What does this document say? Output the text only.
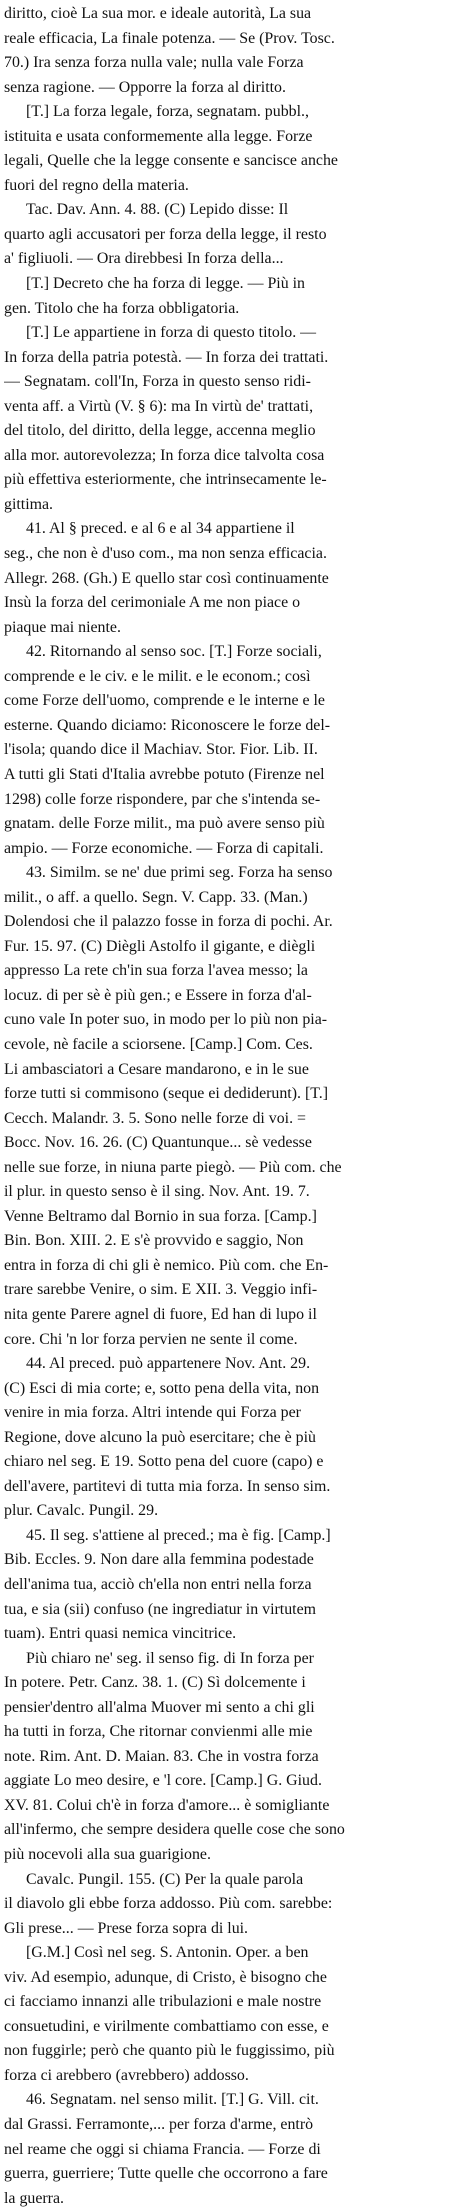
diritto, cioè La sua mor. e ideale autorità, La sua
reale efficacia, La finale potenza. — Se (Prov. Tosc.
70.) Ira senza forza nulla vale; nulla vale Forza
senza ragione. — Opporre la forza al diritto.
[T.] La forza legale, forza, segnatam. pubbl.,
istituita e usata conformemente alla legge. Forze
legali, Quelle che la legge consente e sancisce anche
fuori del regno della materia.
Tac. Dav. Ann. 4. 88. (C) Lepido disse: Il
quarto agli accusatori per forza della legge, il resto
a' figliuoli. — Ora direbbesi In forza della...
[T.] Decreto che ha forza di legge. — Più in
gen. Titolo che ha forza obbligatoria.
[T.] Le appartiene in forza di questo titolo. —
In forza della patria potestà. — In forza dei trattati.
— Segnatam. coll'In, Forza in questo senso ridi-
venta aff. a Virtù (V. § 6): ma In virtù de' trattati,
del titolo, del diritto, della legge, accenna meglio
alla mor. autorevolezza; In forza dice talvolta cosa
più effettiva esteriormente, che intrinsecamente le-
gittima.
41. Al § preced. e al 6 e al 34 appartiene il
seg., che non è d'uso com., ma non senza efficacia.
Allegr. 268. (Gh.) E quello star così continuamente
Insù la forza del cerimoniale A me non piace o
piaque mai niente.
42. Ritornando al senso soc. [T.] Forze sociali,
comprende e le civ. e le milit. e le econom.; così
come Forze dell'uomo, comprende e le interne e le
esterne. Quando diciamo: Riconoscere le forze del-
l'isola; quando dice il Machiav. Stor. Fior. Lib. II.
A tutti gli Stati d'Italia avrebbe potuto (Firenze nel
1298) colle forze rispondere, par che s'intenda se-
gnatam. delle Forze milit., ma può avere senso più
ampio. — Forze economiche. — Forza di capitali.
43. Similm. se ne' due primi seg. Forza ha senso
milit., o aff. a quello. Segn. V. Capp. 33. (Man.)
Dolendosi che il palazzo fosse in forza di pochi. Ar.
Fur. 15. 97. (C) Diègli Astolfo il gigante, e diègli
appresso La rete ch'in sua forza l'avea messo; la
locuz. di per sè è più gen.; e Essere in forza d'al-
cuno vale In poter suo, in modo per lo più non pia-
cevole, nè facile a sciorsene. [Camp.] Com. Ces.
Li ambasciatori a Cesare mandarono, e in le sue
forze tutti si commisono (seque ei dediderunt). [T.]
Cecch. Malandr. 3. 5. Sono nelle forze di voi. =
Bocc. Nov. 16. 26. (C) Quantunque... sè vedesse
nelle sue forze, in niuna parte piegò. — Più com. che
il plur. in questo senso è il sing. Nov. Ant. 19. 7.
Venne Beltramo dal Bornio in sua forza. [Camp.]
Bin. Bon. XIII. 2. E s'è provvido e saggio, Non
entra in forza di chi gli è nemico. Più com. che En-
trare sarebbe Venire, o sim. E XII. 3. Veggio infi-
nita gente Parere agnel di fuore, Ed han di lupo il
core. Chi 'n lor forza pervien ne sente il come.
44. Al preced. può appartenere Nov. Ant. 29.
(C) Esci di mia corte; e, sotto pena della vita, non
venire in mia forza. Altri intende qui Forza per
Regione, dove alcuno la può esercitare; che è più
chiaro nel seg. E 19. Sotto pena del cuore (capo) e
dell'avere, partitevi di tutta mia forza. In senso sim.
plur. Cavalc. Pungil. 29.
45. Il seg. s'attiene al preced.; ma è fig. [Camp.]
Bib. Eccles. 9. Non dare alla femmina podestade
dell'anima tua, acciò ch'ella non entri nella forza
tua, e sia (sii) confuso (ne ingrediatur in virtutem
tuam). Entri quasi nemica vincitrice.
Più chiaro ne' seg. il senso fig. di In forza per
In potere. Petr. Canz. 38. 1. (C) Sì dolcemente i
pensier'dentro all'alma Muover mi sento a chi gli
ha tutti in forza, Che ritornar convienmi alle mie
note. Rim. Ant. D. Maian. 83. Che in vostra forza
aggiate Lo meo desire, e 'l core. [Camp.] G. Giud.
XV. 81. Colui ch'è in forza d'amore... è somigliante
all'infermo, che sempre desidera quelle cose che sono
più nocevoli alla sua guarigione.
Cavalc. Pungil. 155. (C) Per la quale parola
il diavolo gli ebbe forza addosso. Più com. sarebbe:
Gli prese... — Prese forza sopra di lui.
[G.M.] Così nel seg. S. Antonin. Oper. a ben
viv. Ad esempio, adunque, di Cristo, è bisogno che
ci facciamo innanzi alle tribulazioni e male nostre
consuetudini, e virilmente combattiamo con esse, e
non fuggirle; però che quanto più le fuggissimo, più
forza ci arebbero (avrebbero) addosso.
46. Segnatam. nel senso milit. [T.] G. Vill. cit.
dal Grassi. Ferramonte,... per forza d'arme, entrò
nel reame che oggi si chiama Francia. — Forze di
guerra, guerriere; Tutte quelle che occorrono a fare
la guerra.
